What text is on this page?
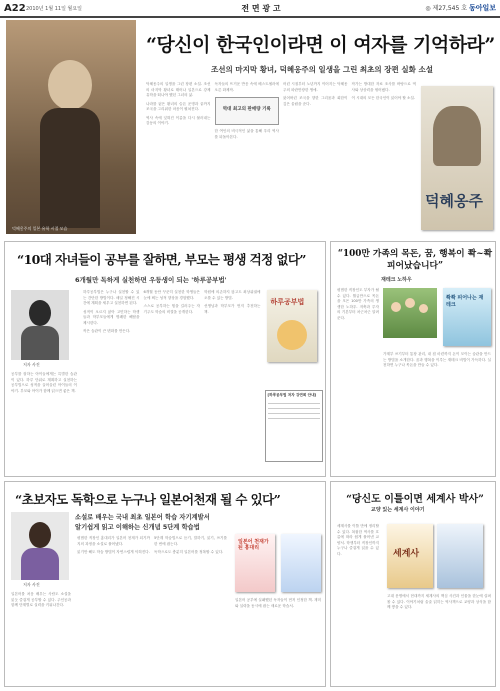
A22 2010년 1월 11일 월요일	전 면 광 고	◎ 제27,545 호 동아일보
덕혜옹주의 일본 유학 시절 모습
“당신이 한국인이라면 이 여자를 기억하라”
조선의 마지막 황녀, 덕혜옹주의 일생을 그린 최초의 장편 실화 소설

덕혜옹주의 일생을 그린 장편 소설. 조선의 마지막 황녀로 태어나 일본으로 강제 유학을 떠나야 했던 그녀의 삶.

나라를 잃은 황녀의 슬픈 운명과 끝까지 조국을 그리워한 마음이 펼쳐진다.

역사 속에 잊혀진 이름을 다시 불러내는 감동의 이야기.

독자들의 뜨거운 반응 속에 베스트셀러에 오른 화제작.

역대 최고의 판매량 기록

한 여인의 비극적인 삶을 통해 우리 역사를 되돌아본다.

어린 시절부터 노년까지 이어지는 덕혜옹주의 파란만장한 생애.

잃어버린 조국을 향한 그리움과 회한이 깊은 울림을 준다.

작가는 방대한 자료 조사를 바탕으로 역사와 상상력을 엮어냈다.

이 시대의 모든 한국인이 읽어야 할 소설.

덕혜옹주
“10대 자녀들이 공부를 잘하면, 부모는 평생 걱정 없다”
6개월만 독하게 실천하면 우등생이 되는 '하루공부법'
저자 사진
공부를 잘하는 아이들에게는 특별한 습관이 있다. 하루 단위로 계획하고 실천하는 공부법으로 성적을 끌어올린 아이들의 이야기. 부모와 아이가 함께 읽으면 좋은 책.

하루공부법은 누구나 실천할 수 있는 간단한 방법이다. 매일 정해진 시간에 계획을 세우고 실천하면 된다.

성적이 오르지 않아 고민하는 학생들과 학부모들에게 명쾌한 해답을 제시한다.

작은 습관이 큰 변화를 만든다.

6개월 동안 꾸준히 실천한 학생들은 눈에 띄는 성적 향상을 경험했다.

스스로 공부하는 힘을 길러주는 자기주도 학습의 비결을 공개한다.

학원에 의존하지 않고도 최상위권에 오를 수 있는 방법.

선생님과 학부모가 먼저 추천하는 책.

하루공부법
[하루공부법 저자 강연회 안내]
“100만 가족의 목돈, 꿈, 행복이 쫙~쫙 피어났습니다”
재테크 노하우
쫙쫙 피어나는 재테크
평범한 직장인도 부자가 될 수 있다. 월급만으로 목돈을 모은 100만 가족의 생생한 노하우. 저축과 투자의 기본부터 차근차근 알려준다.
가계부 쓰기부터 통장 관리, 내 집 마련까지 돈이 모이는 습관을 만드는 방법을 소개한다. 꿈과 행복을 이루는 재테크 비법이 가득하다. 실천하면 누구나 목돈을 만들 수 있다.
“초보자도 독학으로 누구나 일본어천재 될 수 있다”
소설로 배우는 국내 최초 일본어 학습 자기계발서
알기쉽게 읽고 이해하는 신개념 5단계 학습법
저자 사진
일본어를 처음 배우는 사람도 소설을 읽듯 즐겁게 공부할 수 있다. 주인공과 함께 단계별로 실력을 키워나간다.

평범한 직장인 홍대리가 일본어 천재가 되기까지의 과정을 소설로 풀어냈다.

읽기만 해도 학습 방법이 자연스럽게 익혀진다.

5단계 학습법으로 듣기, 말하기, 읽기, 쓰기를 한 번에 잡는다.

독학으로도 충분히 일본어를 정복할 수 있다.

일본어 천재가 된 홍대리
일본어 공부에 실패했던 독자들이 먼저 인정한 책. 재미와 실력을 동시에 잡는 새로운 학습서.
“당신도 이틀이면 세계사 박사”
교양 있는 세계사 이야기
세계사를 이틀 만에 정리할 수 있다. 복잡한 역사를 흐름에 따라 쉽게 풀어낸 교양서. 학생부터 직장인까지 누구나 즐겁게 읽을 수 있다.	세계사
고대 문명에서 현대까지 세계사의 핵심 사건과 인물을 한눈에 살펴볼 수 있다. 이야기처럼 술술 읽히는 역사책으로 교양과 상식을 함께 쌓을 수 있다.
